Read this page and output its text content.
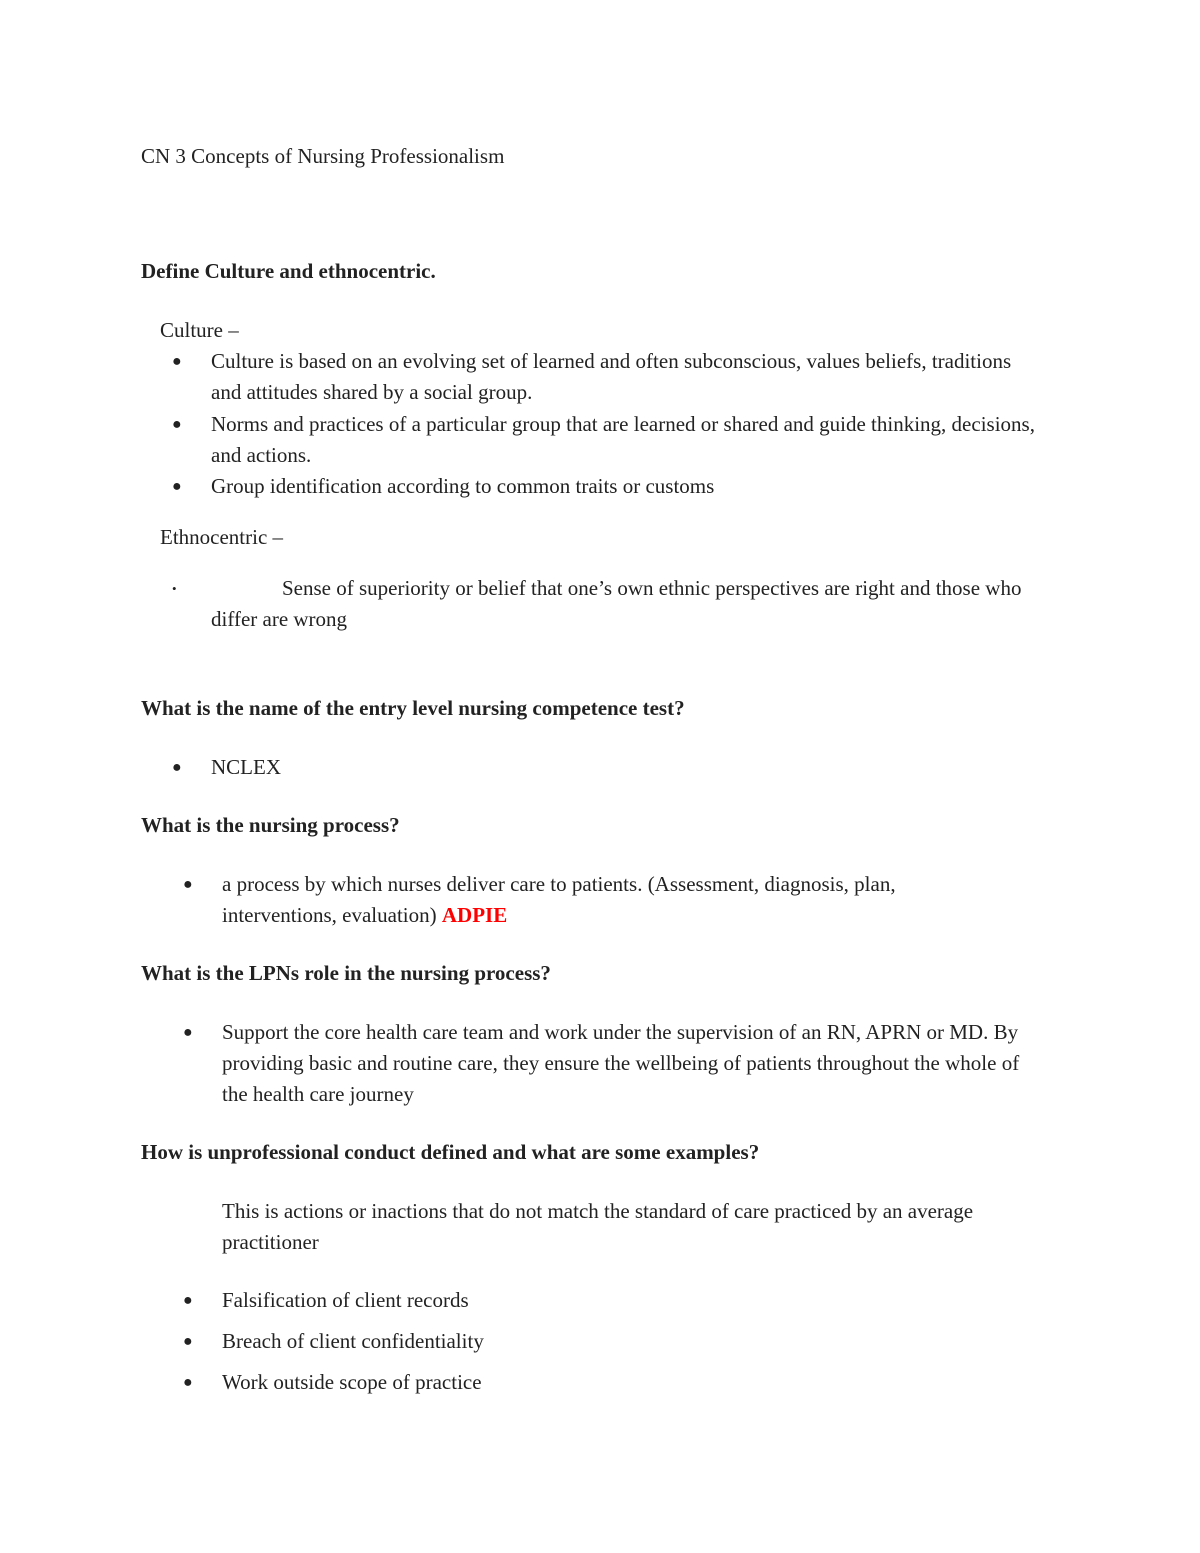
CN 3 Concepts of Nursing Professionalism
Define Culture and ethnocentric.
Culture –
● Culture is based on an evolving set of learned and often subconscious, values beliefs, traditions and attitudes shared by a social group.
● Norms and practices of a particular group that are learned or shared and guide thinking, decisions, and actions.
● Group identification according to common traits or customs
Ethnocentric –
•	Sense of superiority or belief that one’s own ethnic perspectives are right and those who differ are wrong
What is the name of the entry level nursing competence test?
● NCLEX
What is the nursing process?
● a process by which nurses deliver care to patients. (Assessment, diagnosis, plan, interventions, evaluation) ADPIE
What is the LPNs role in the nursing process?
● Support the core health care team and work under the supervision of an RN, APRN or MD. By providing basic and routine care, they ensure the wellbeing of patients throughout the whole of the health care journey
How is unprofessional conduct defined and what are some examples?
This is actions or inactions that do not match the standard of care practiced by an average practitioner
● Falsification of client records
● Breach of client confidentiality
● Work outside scope of practice
